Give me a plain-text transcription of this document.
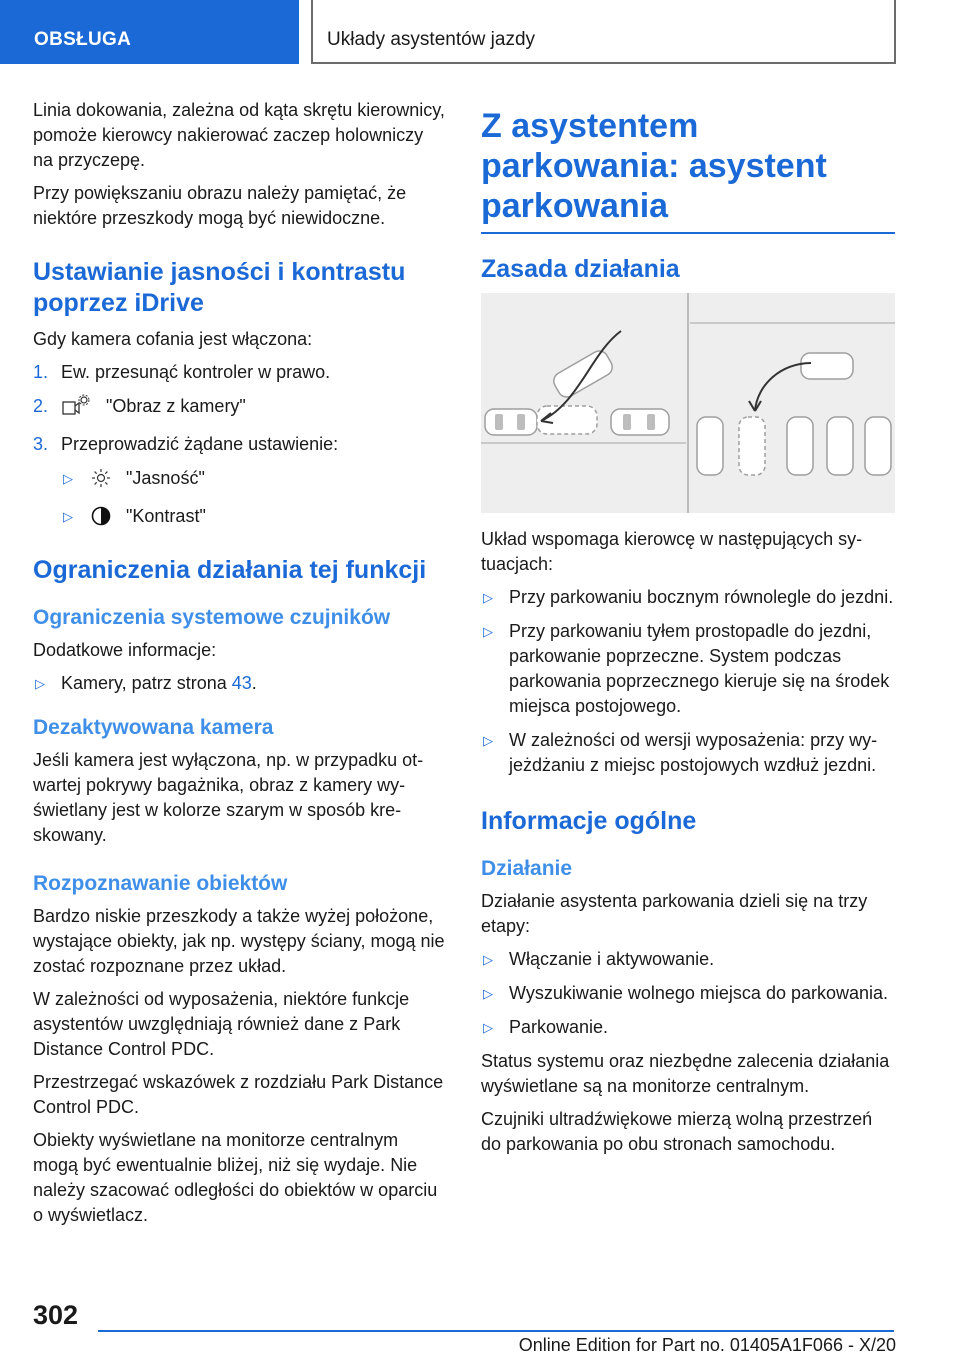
OBSŁUGA	Układy asystentów jazdy

Linia dokowania, zależna od kąta skrętu kierownicy, pomoże kierowcy nakierować zaczep holowniczy na przyczepę.

Przy powiększaniu obrazu należy pamiętać, że niektóre przeszkody mogą być niewidoczne.

Ustawianie jasności i kontrastu poprzez iDrive

Gdy kamera cofania jest włączona:

1. Ew. przesunąć kontroler w prawo.
2.	"Obraz z kamery"
3. Przeprowadzić żądane ustawienie:
▷	"Jasność"
▷	"Kontrast"
Ograniczenia działania tej funkcji
Ograniczenia systemowe czujników

Dodatkowe informacje:

▷ Kamery, patrz strona 43.
Dezaktywowana kamera

Jeśli kamera jest wyłączona, np. w przypadku otwartej pokrywy bagażnika, obraz z kamery wyświetlany jest w kolorze szarym w sposób kreskowany.

Rozpoznawanie obiektów

Bardzo niskie przeszkody a także wyżej położone, wystające obiekty, jak np. występy ściany, mogą nie zostać rozpoznane przez układ.

W zależności od wyposażenia, niektóre funkcje asystentów uwzględniają również dane z Park Distance Control PDC.

Przestrzegać wskazówek z rozdziału Park Distance Control PDC.

Obiekty wyświetlane na monitorze centralnym mogą być ewentualnie bliżej, niż się wydaje. Nie należy szacować odległości do obiektów w oparciu o wyświetlacz.

Z asystentem parkowania: asystent parkowania
Zasada działania

Układ wspomaga kierowcę w następujących sytuacjach:

▷ Przy parkowaniu bocznym równolegle do jezdni.
▷ Przy parkowaniu tyłem prostopadle do jezdni, parkowanie poprzeczne. System podczas parkowania poprzecznego kieruje się na środek miejsca postojowego.
▷ W zależności od wersji wyposażenia: przy wyjeżdżaniu z miejsc postojowych wzdłuż jezdni.
Informacje ogólne
Działanie

Działanie asystenta parkowania dzieli się na trzy etapy:

▷ Włączanie i aktywowanie.
▷ Wyszukiwanie wolnego miejsca do parkowania.
▷ Parkowanie.

Status systemu oraz niezbędne zalecenia działania wyświetlane są na monitorze centralnym.

Czujniki ultradźwiękowe mierzą wolną przestrzeń do parkowania po obu stronach samochodu.

302
Online Edition for Part no. 01405A1F066 - X/20
